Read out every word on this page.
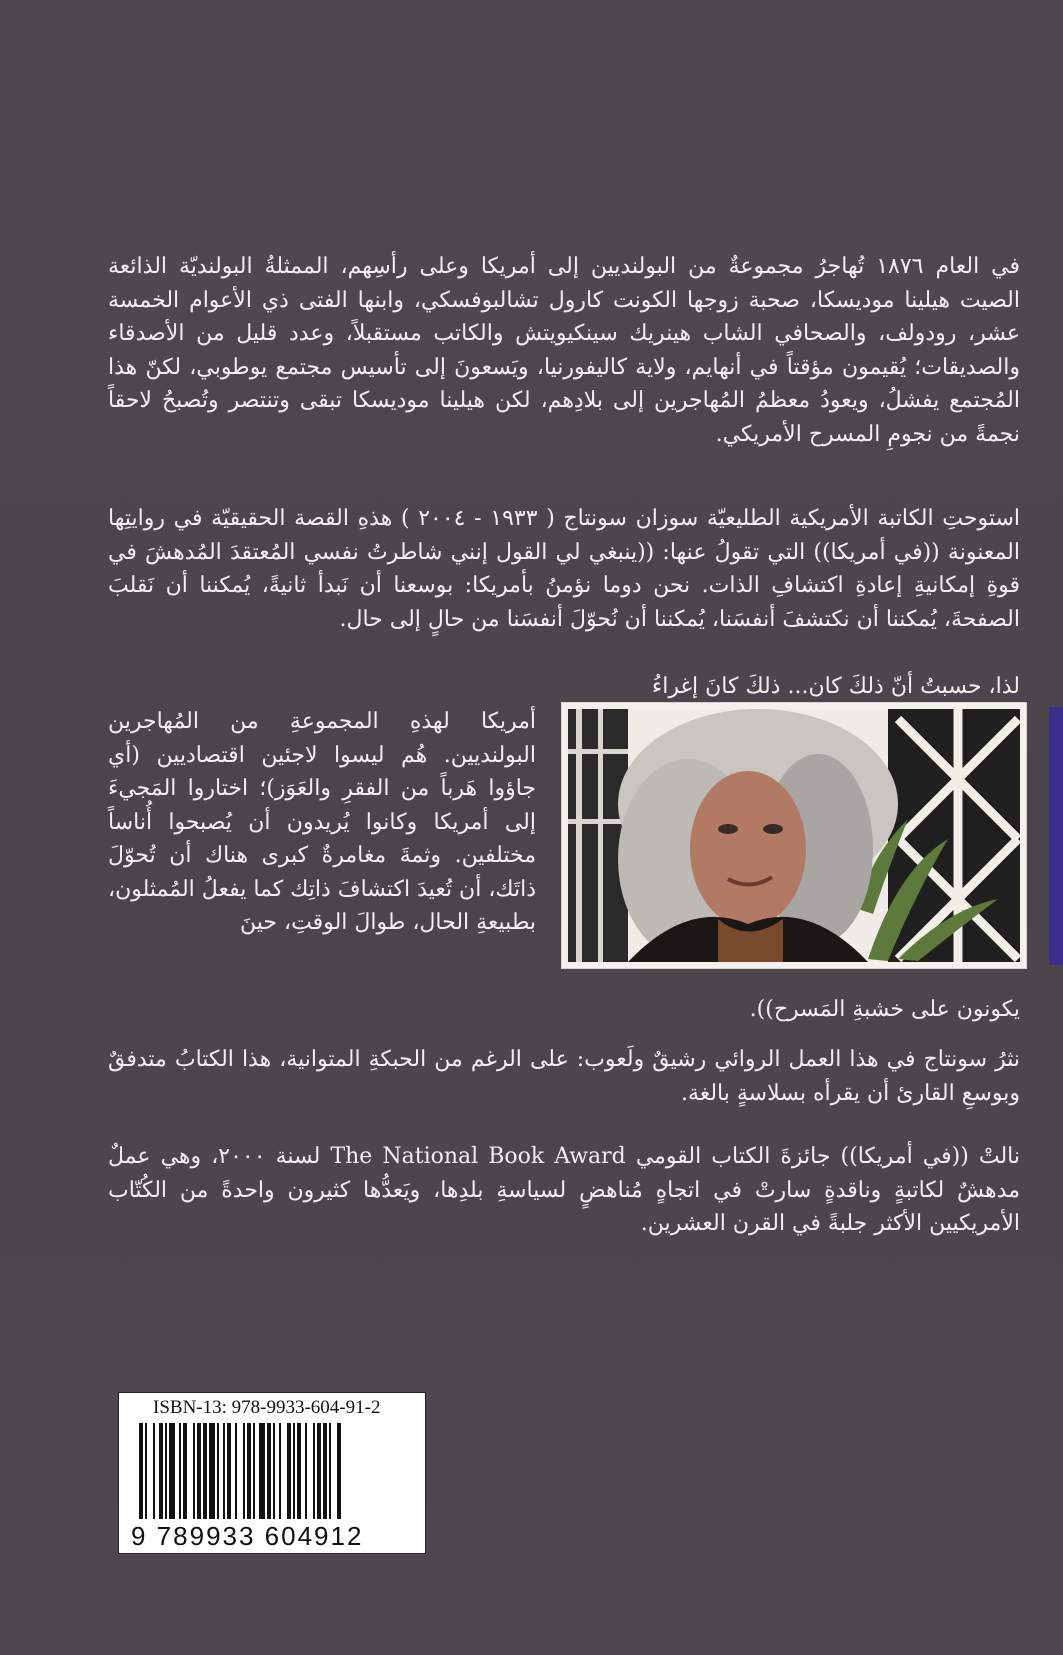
في العام ١٨٧٦ تُهاجرُ مجموعةٌ من البولنديين إلى أمريكا وعلى رأسِهم، الممثلةُ البولنديّة الذائعة الصيت هيلينا موديسكا، صحبة زوجها الكونت كارول تشالبوفسكي، وابنها الفتى ذي الأعوام الخمسة عشر، رودولف، والصحافي الشاب هينريك سينكيويتش والكاتب مستقبلاً، وعدد قليل من الأصدقاء والصديقات؛ يُقيمون مؤقتاً في أنهايم، ولاية كاليفورنيا، ويَسعونَ إلى تأسيس مجتمع يوطوبي، لكنّ هذا المُجتمع يفشلُ، ويعودُ معظمُ المُهاجرين إلى بلادِهم، لكن هيلينا موديسكا تبقى وتنتصر وتُصبحُ لاحقاً نجمةً من نجومِ المسرح الأمريكي.

استوحتِ الكاتبة الأمريكية الطليعيّة سوزان سونتاج ( ١٩٣٣ - ٢٠٠٤ ) هذهِ القصة الحقيقيّة في روايتِها المعنونة ((في أمريكا)) التي تقولُ عنها: ((ينبغي لي القول إنني شاطرتُ نفسي المُعتقدَ المُدهشَ في قوةِ إمكانيةِ إعادةِ اكتشافِ الذات. نحن دوما نؤمنُ بأمريكا: بوسعنا أن نَبدأ ثانيةً، يُمكننا أن نَقلبَ الصفحةَ، يُمكننا أن نكتشفَ أنفسَنا، يُمكننا أن نُحوّلَ أنفسَنا من حالٍ إلى حال.

لذا، حسبتُ أنّ ذلكَ كان... ذلكَ كانَ إغراءُ

أمريكا لهذهِ المجموعةِ من المُهاجرين البولنديين. هُم ليسوا لاجئين اقتصاديين (أي جاؤوا هَرباً من الفقرِ والعَوَز)؛ اختاروا المَجيءَ إلى أمريكا وكانوا يُريدون أن يُصبحوا أُناساً مختلفين. وثمةَ مغامرةٌ كبرى هناك أن تُحوّلَ ذاتَك، أن تُعيدَ اكتشافَ ذاتِك كما يفعلُ المُمثلون، بطبيعةِ الحال، طوالَ الوقتِ، حينَ

يكونون على خشبةِ المَسرح)).

نثرُ سونتاج في هذا العمل الروائي رشيقٌ ولَعوب: على الرغم من الحبكةِ المتوانية، هذا الكتابُ متدفقٌ وبوسعِ القارئ أن يقرأه بسلاسةٍ بالغة.

نالتْ ((في أمريكا)) جائزةَ الكتاب القومي The National Book Award لسنة ٢٠٠٠، وهي عملٌ مدهشٌ لكاتبةٍ وناقدةٍ سارتْ في اتجاهٍ مُناهضٍ لسياسةِ بلدِها، ويَعدُّها كثيرون واحدةً من الكُتّاب الأمريكيين الأكثر جلبةً في القرن العشرين.

ISBN-13: 978-9933-604-91-2
9 789933 604912
